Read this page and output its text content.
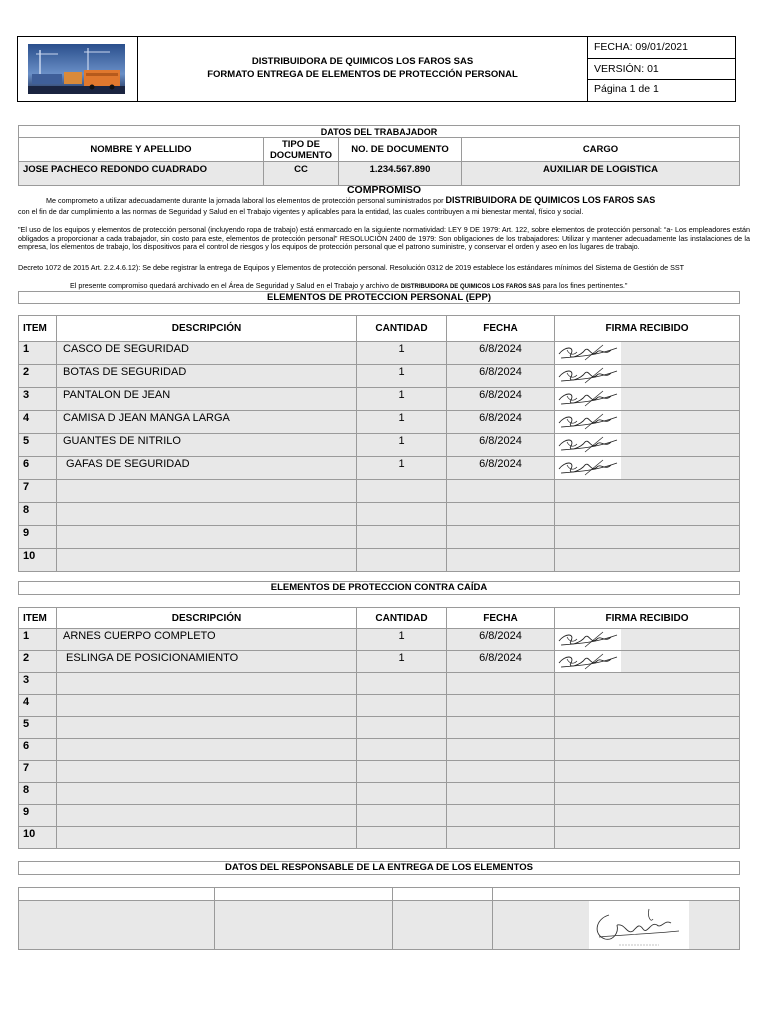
DISTRIBUIDORA DE QUIMICOS LOS FAROS SAS
FORMATO ENTREGA DE ELEMENTOS DE PROTECCIÓN PERSONAL
FECHA: 09/01/2021
VERSIÓN: 01
Página 1 de 1
DATOS DEL TRABAJADOR			
NOMBRE Y APELLIDO	TIPO DE DOCUMENTO	NO. DE DOCUMENTO	CARGO
JOSE PACHECO REDONDO CUADRADO	CC	1.234.567.890	AUXILIAR DE LOGISTICA
COMPROMISO
Me comprometo a utilizar adecuadamente durante la jornada laboral los elementos de protección personal suministrados por DISTRIBUIDORA DE QUIMICOS LOS FAROS SAS
con el fin de dar cumplimiento a las normas de Seguridad y Salud en el Trabajo vigentes y aplicables para la entidad, las cuales contribuyen a mi bienestar mental, físico y social.
"El uso de los equipos y elementos de protección personal (incluyendo ropa de trabajo) está enmarcado en la siguiente normatividad: LEY 9 DE 1979: Art. 122, sobre elementos de protección personal: “a- Los empleadores están obligados a proporcionar a cada trabajador, sin costo para este, elementos de protección personal” RESOLUCIÓN 2400 de 1979: Son obligaciones de los trabajadores: Utilizar y mantener adecuadamente las instalaciones de la empresa, los elementos de trabajo, los dispositivos para el control de riesgos y los equipos de protección personal que el patrono suministre, y conservar el orden y aseo en los lugares de trabajo.
Decreto 1072 de 2015 Art. 2.2.4.6.12): Se debe registrar la entrega de Equipos y Elementos de protección personal. Resolución 0312 de 2019 establece los estándares mínimos del Sistema de Gestión de SST
El presente compromiso quedará archivado en el Área de Seguridad y Salud en el Trabajo y archivo de DISTRIBUIDORA DE QUIMICOS LOS FAROS SAS para los fines pertinentes."
ELEMENTOS DE PROTECCION PERSONAL (EPP)
ITEM	DESCRIPCIÓN	CANTIDAD	FECHA	FIRMA RECIBIDO
1	CASCO DE SEGURIDAD	1	6/8/2024	

2	BOTAS DE SEGURIDAD	1	6/8/2024	

3	PANTALON DE JEAN	1	6/8/2024	

4	CAMISA D JEAN MANGA LARGA	1	6/8/2024	

5	GUANTES DE NITRILO	1	6/8/2024	

6	GAFAS DE SEGURIDAD	1	6/8/2024	

7				
8				
9				
10				
ELEMENTOS DE PROTECCION CONTRA CAÍDA
ITEM	DESCRIPCIÓN	CANTIDAD	FECHA	FIRMA RECIBIDO
1	ARNES CUERPO COMPLETO	1	6/8/2024	

2	ESLINGA DE POSICIONAMIENTO	1	6/8/2024	

3				
4				
5				
6				
7				
8				
9				
10				
DATOS DEL RESPONSABLE DE LA ENTREGA DE LOS ELEMENTOS
